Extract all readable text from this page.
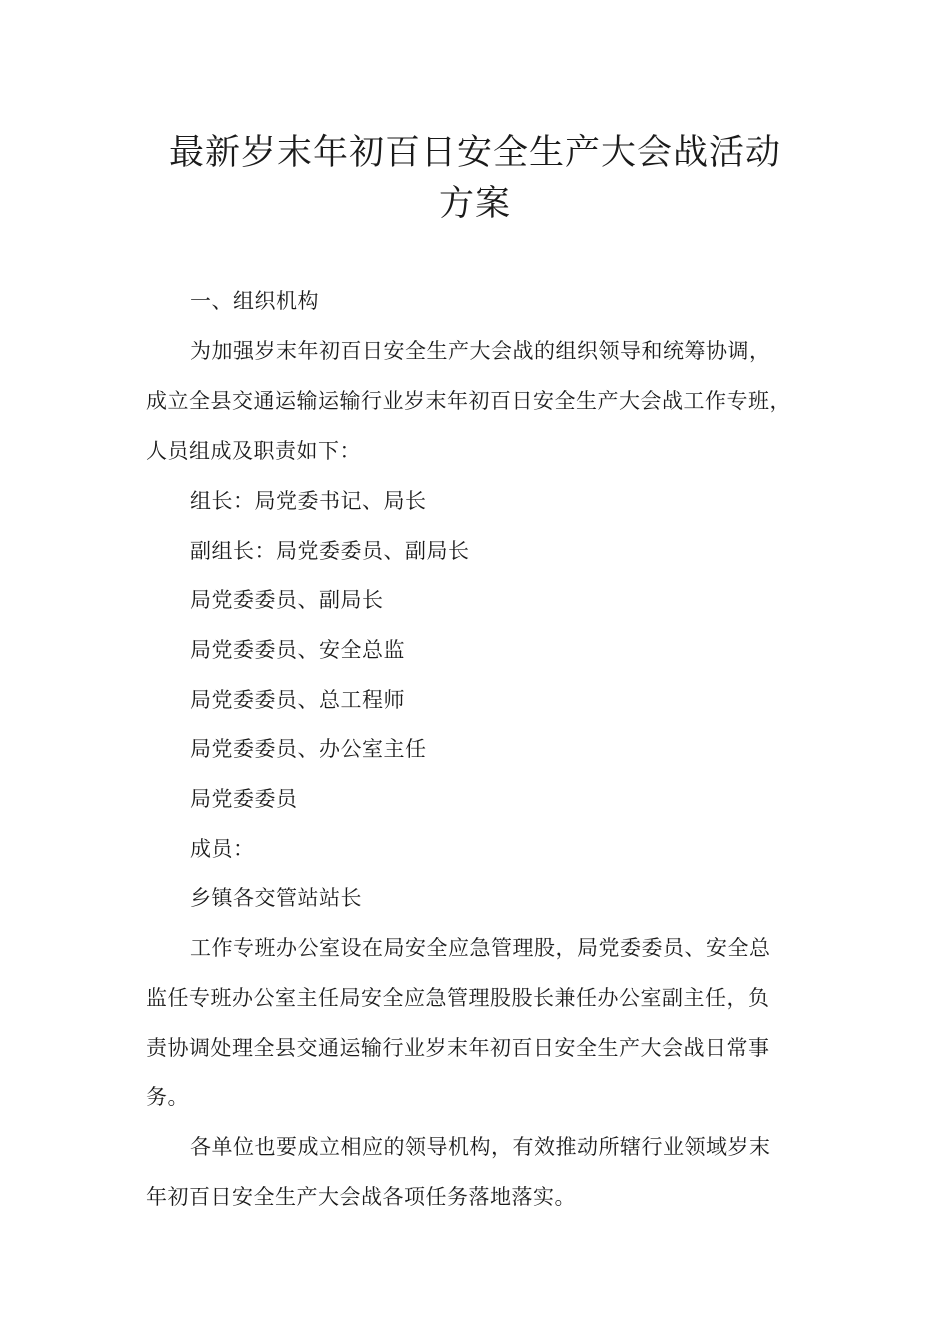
最新岁末年初百日安全生产大会战活动
方案
一、组织机构
为加强岁末年初百日安全生产大会战的组织领导和统筹协调，
成立全县交通运输运输行业岁末年初百日安全生产大会战工作专班，
人员组成及职责如下：
组长：局党委书记、局长
副组长：局党委委员、副局长
局党委委员、副局长
局党委委员、安全总监
局党委委员、总工程师
局党委委员、办公室主任
局党委委员
成员：
乡镇各交管站站长
工作专班办公室设在局安全应急管理股，局党委委员、安全总
监任专班办公室主任局安全应急管理股股长兼任办公室副主任，负
责协调处理全县交通运输行业岁末年初百日安全生产大会战日常事
务。
各单位也要成立相应的领导机构，有效推动所辖行业领域岁末
年初百日安全生产大会战各项任务落地落实。
